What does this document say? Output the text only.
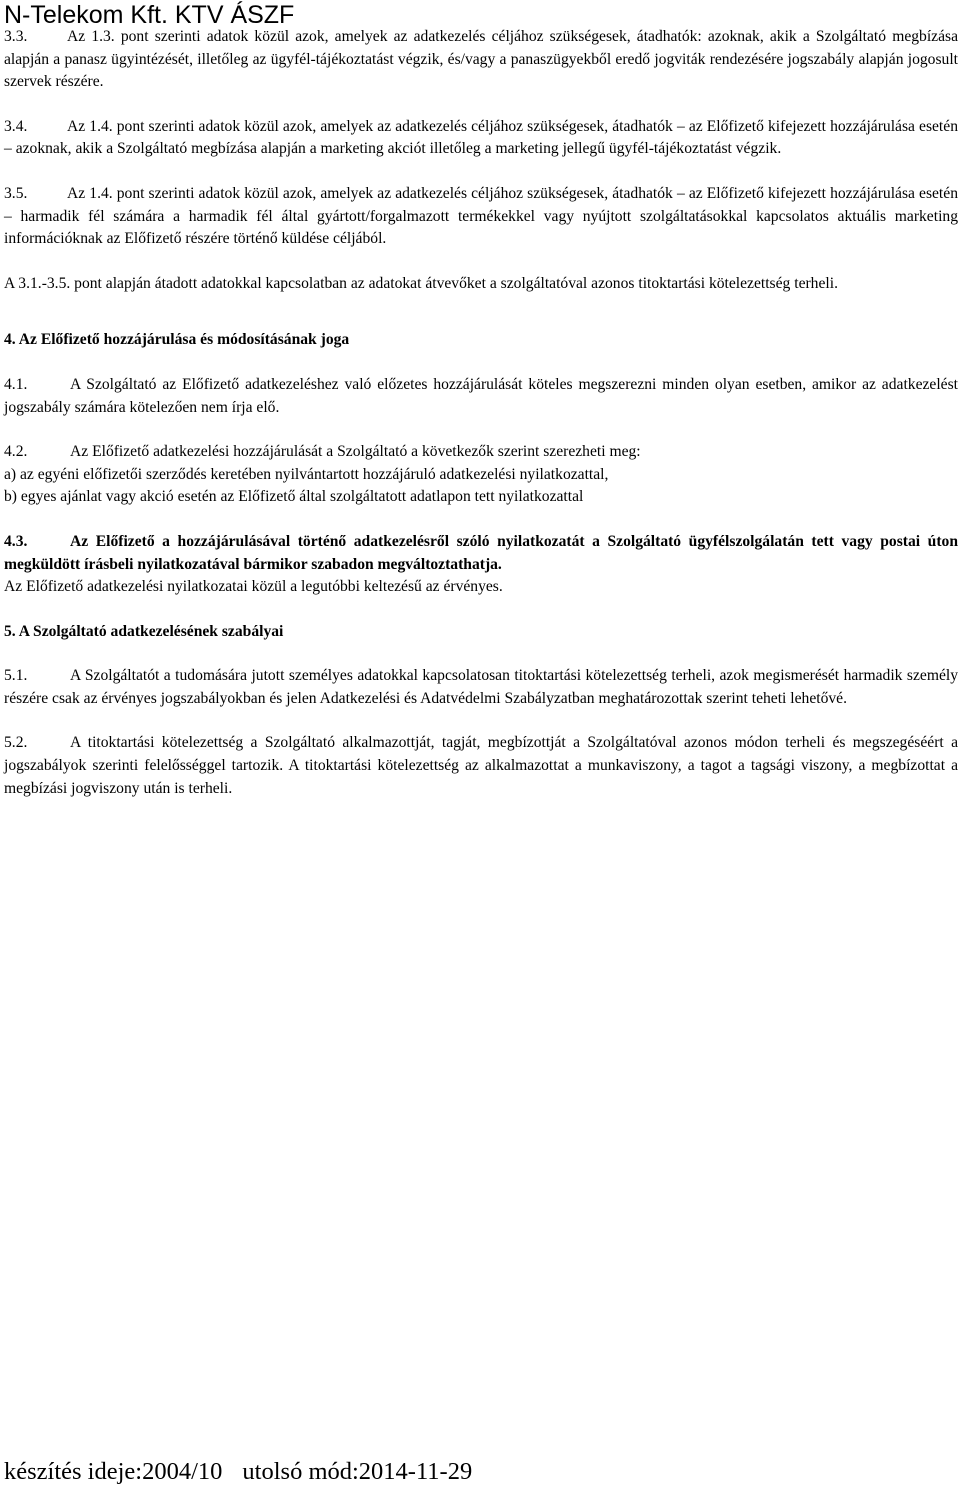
N-Telekom Kft. KTV ÁSZF

3.3.	Az 1.3. pont szerinti adatok közül azok, amelyek az adatkezelés céljához szükségesek, átadhatók: azoknak, akik a Szolgáltató megbízása alapján a panasz ügyintézését, illetőleg az ügyfél-tájékoztatást végzik, és/vagy a panaszügyekből eredő jogviták rendezésére jogszabály alapján jogosult szervek részére.

3.4.	Az 1.4. pont szerinti adatok közül azok, amelyek az adatkezelés céljához szükségesek, átadhatók – az Előfizető kifejezett hozzájárulása esetén – azoknak, akik a Szolgáltató megbízása alapján a marketing akciót illetőleg a marketing jellegű ügyfél-tájékoztatást végzik.

3.5.	Az 1.4. pont szerinti adatok közül azok, amelyek az adatkezelés céljához szükségesek, átadhatók – az Előfizető kifejezett hozzájárulása esetén – harmadik fél számára a harmadik fél által gyártott/forgalmazott termékekkel vagy nyújtott szolgáltatásokkal kapcsolatos aktuális marketing információknak az Előfizető részére történő küldése céljából.

A 3.1.-3.5. pont alapján átadott adatokkal kapcsolatban az adatokat átvevőket a szolgáltatóval azonos titoktartási kötelezettség terheli.

4. Az Előfizető hozzájárulása és módosításának joga

4.1.	A Szolgáltató az Előfizető adatkezeléshez való előzetes hozzájárulását köteles megszerezni minden olyan esetben, amikor az adatkezelést jogszabály számára kötelezően nem írja elő.

4.2.	Az Előfizető adatkezelési hozzájárulását a Szolgáltató a következők szerint szerezheti meg:

a) az egyéni előfizetői szerződés keretében nyilvántartott hozzájáruló adatkezelési nyilatkozattal,

b) egyes ajánlat vagy akció esetén az Előfizető által szolgáltatott adatlapon tett nyilatkozattal

4.3.	Az Előfizető a hozzájárulásával történő adatkezelésről szóló nyilatkozatát a Szolgáltató ügyfélszolgálatán tett vagy postai úton megküldött írásbeli nyilatkozatával bármikor szabadon megváltoztathatja.

Az Előfizető adatkezelési nyilatkozatai közül a legutóbbi keltezésű az érvényes.

5. A Szolgáltató adatkezelésének szabályai

5.1.	A Szolgáltatót a tudomására jutott személyes adatokkal kapcsolatosan titoktartási kötelezettség terheli, azok megismerését harmadik személy részére csak az érvényes jogszabályokban és jelen Adatkezelési és Adatvédelmi Szabályzatban meghatározottak szerint teheti lehetővé.

5.2.	A titoktartási kötelezettség a Szolgáltató alkalmazottját, tagját, megbízottját a Szolgáltatóval azonos módon terheli és megszegéséért a jogszabályok szerinti felelősséggel tartozik. A titoktartási kötelezettség az alkalmazottat a munkaviszony, a tagot a tagsági viszony, a megbízottat a megbízási jogviszony után is terheli.

készítés ideje:2004/10 utolsó mód:2014-11-29
